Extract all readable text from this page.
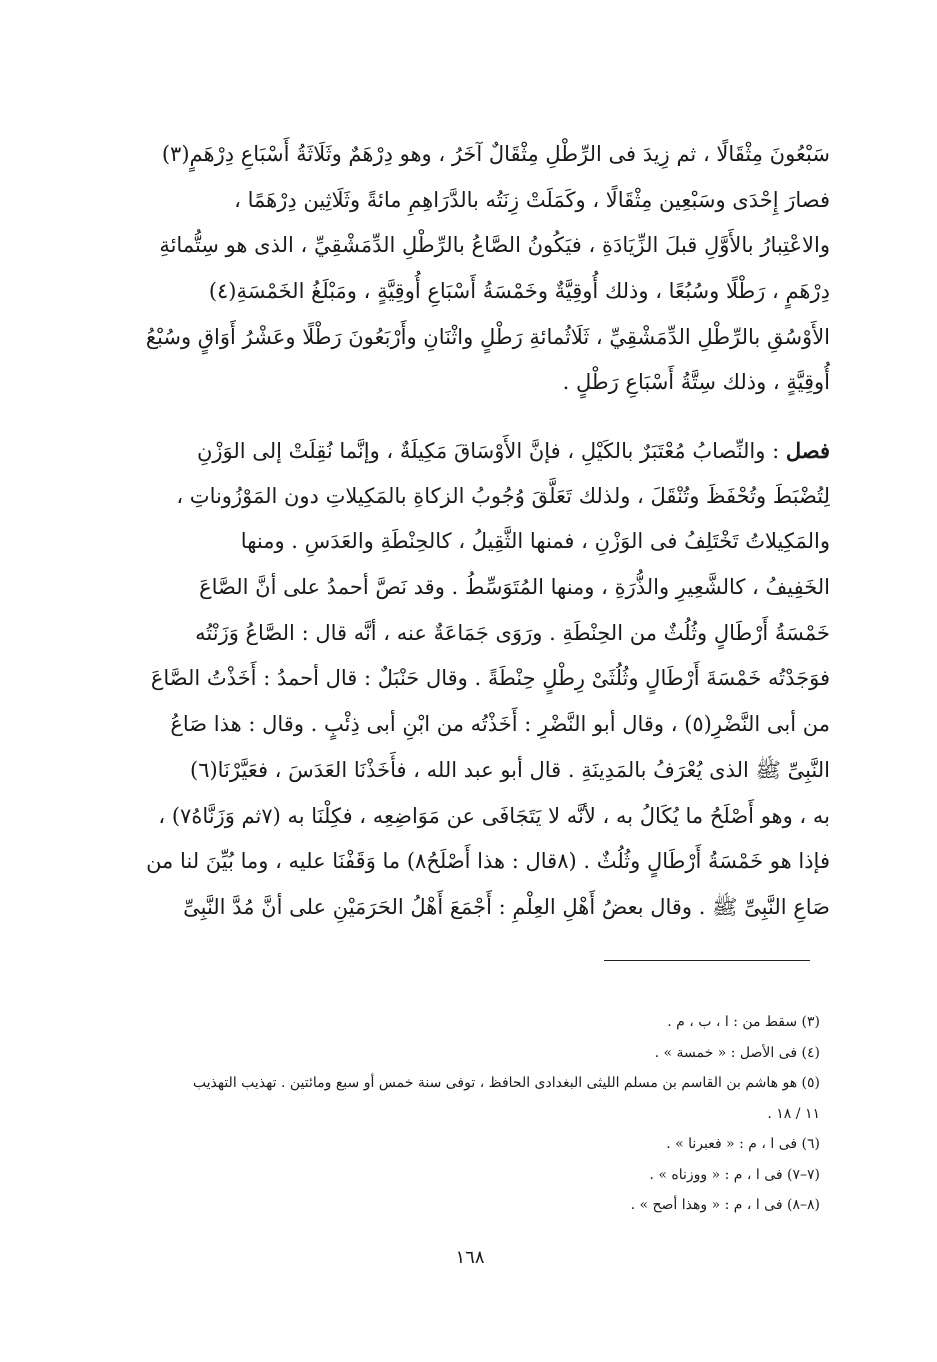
سَبْعُونَ مِثْقَالًا ، ثم زِيدَ فى الرِّطْلِ مِثْقَالٌ آخَرُ ، وهو دِرْهَمٌ وثَلَاثَةُ أَسْبَاعِ دِرْهَمٍ(٣)
فصارَ إِحْدَى وسَبْعِين مِثْقَالًا ، وكَمَلَتْ زِنَتُه بالدَّرَاهِمِ مائةً وثَلَاثِين دِرْهَمًا ،
والاعْتِبارُ بالأَوَّلِ قبلَ الزِّيَادَةِ ، فيَكُونُ الصَّاعُ بالرِّطْلِ الدِّمَشْقِيِّ ، الذى هو سِتُّمائةِ
دِرْهَمٍ ، رَطْلًا وسُبُعًا ، وذلك أُوقِيَّةٌ وخَمْسَةُ أَسْبَاعِ أُوقِيَّةٍ ، ومَبْلَغُ الخَمْسَةِ(٤)
الأَوْسُقِ بالرِّطْلِ الدِّمَشْقِيِّ ، ثَلَاثُمائةِ رَطْلٍ واثْنَانِ وأَرْبَعُونَ رَطْلًا وعَشْرُ أَوَاقٍ وسُبْعُ
أُوقِيَّةٍ ، وذلك سِتَّةُ أَسْبَاعِ رَطْلٍ .
فصل : والنِّصابُ مُعْتَبَرٌ بالكَيْلِ ، فإنَّ الأَوْسَاقَ مَكِيلَةٌ ، وإنَّما نُقِلَتْ إلى الوَزْنِ
لِتُضْبَطَ وتُحْفَظَ وتُنْقَلَ ، ولذلك تَعَلَّقَ وُجُوبُ الزكاةِ بالمَكِيلاتِ دون المَوْزُوناتِ ،
والمَكِيلاتُ تَخْتَلِفُ فى الوَزْنِ ، فمنها الثَّقِيلُ ، كالحِنْطَةِ والعَدَسِ . ومنها
الخَفِيفُ ، كالشَّعِيرِ والذُّرَةِ ، ومنها المُتَوَسِّطُ . وقد نَصَّ أحمدُ على أنَّ الصَّاعَ
خَمْسَةُ أَرْطَالٍ وثُلُثٌ من الحِنْطَةِ . ورَوَى جَمَاعَةٌ عنه ، أنَّه قال : الصَّاعُ وَزَنْتُه
فوَجَدْتُه خَمْسَةَ أَرْطَالٍ وثُلُثَىْ رِطْلٍ حِنْطَةً . وقال حَنْبَلٌ : قال أحمدُ : أَخَذْتُ الصَّاعَ
من أبى النَّضْرِ(٥) ، وقال أبو النَّضْرِ : أَخَذْتُه من ابْنِ أبى ذِئْبٍ . وقال : هذا صَاعُ
النَّبِىِّ ﷺ الذى يُعْرَفُ بالمَدِينَةِ . قال أبو عبد الله ، فأَخَذْنَا العَدَسَ ، فعَيَّرْنَا(٦)
به ، وهو أَصْلَحُ ما يُكَالُ به ، لأنَّه لا يَتَجَافَى عن مَوَاضِعِه ، فكِلْنَا به (٧ثم وَزَنَّاهُ٧) ،
فإذا هو خَمْسَةُ أَرْطَالٍ وثُلُثٌ . (٨قال : هذا أَصْلَحُ٨) ما وَقَفْنَا عليه ، وما بُيِّنَ لنا من
صَاعِ النَّبِىِّ ﷺ . وقال بعضُ أَهْلِ العِلْمِ : أَجْمَعَ أَهْلُ الحَرَمَيْنِ على أنَّ مُدَّ النَّبِىِّ
(٣) سقط من : ا ، ب ، م .
(٤) فى الأصل : « خمسة » .
(٥) هو هاشم بن القاسم بن مسلم الليثى البغدادى الحافظ ، توفى سنة خمس أو سبع ومائتين . تهذيب التهذيب
١١ / ١٨ .
(٦) فى ا ، م : « فعبرنا » .
(٧–٧) فى ا ، م : « ووزناه » .
(٨–٨) فى ا ، م : « وهذا أصح » .
١٦٨
